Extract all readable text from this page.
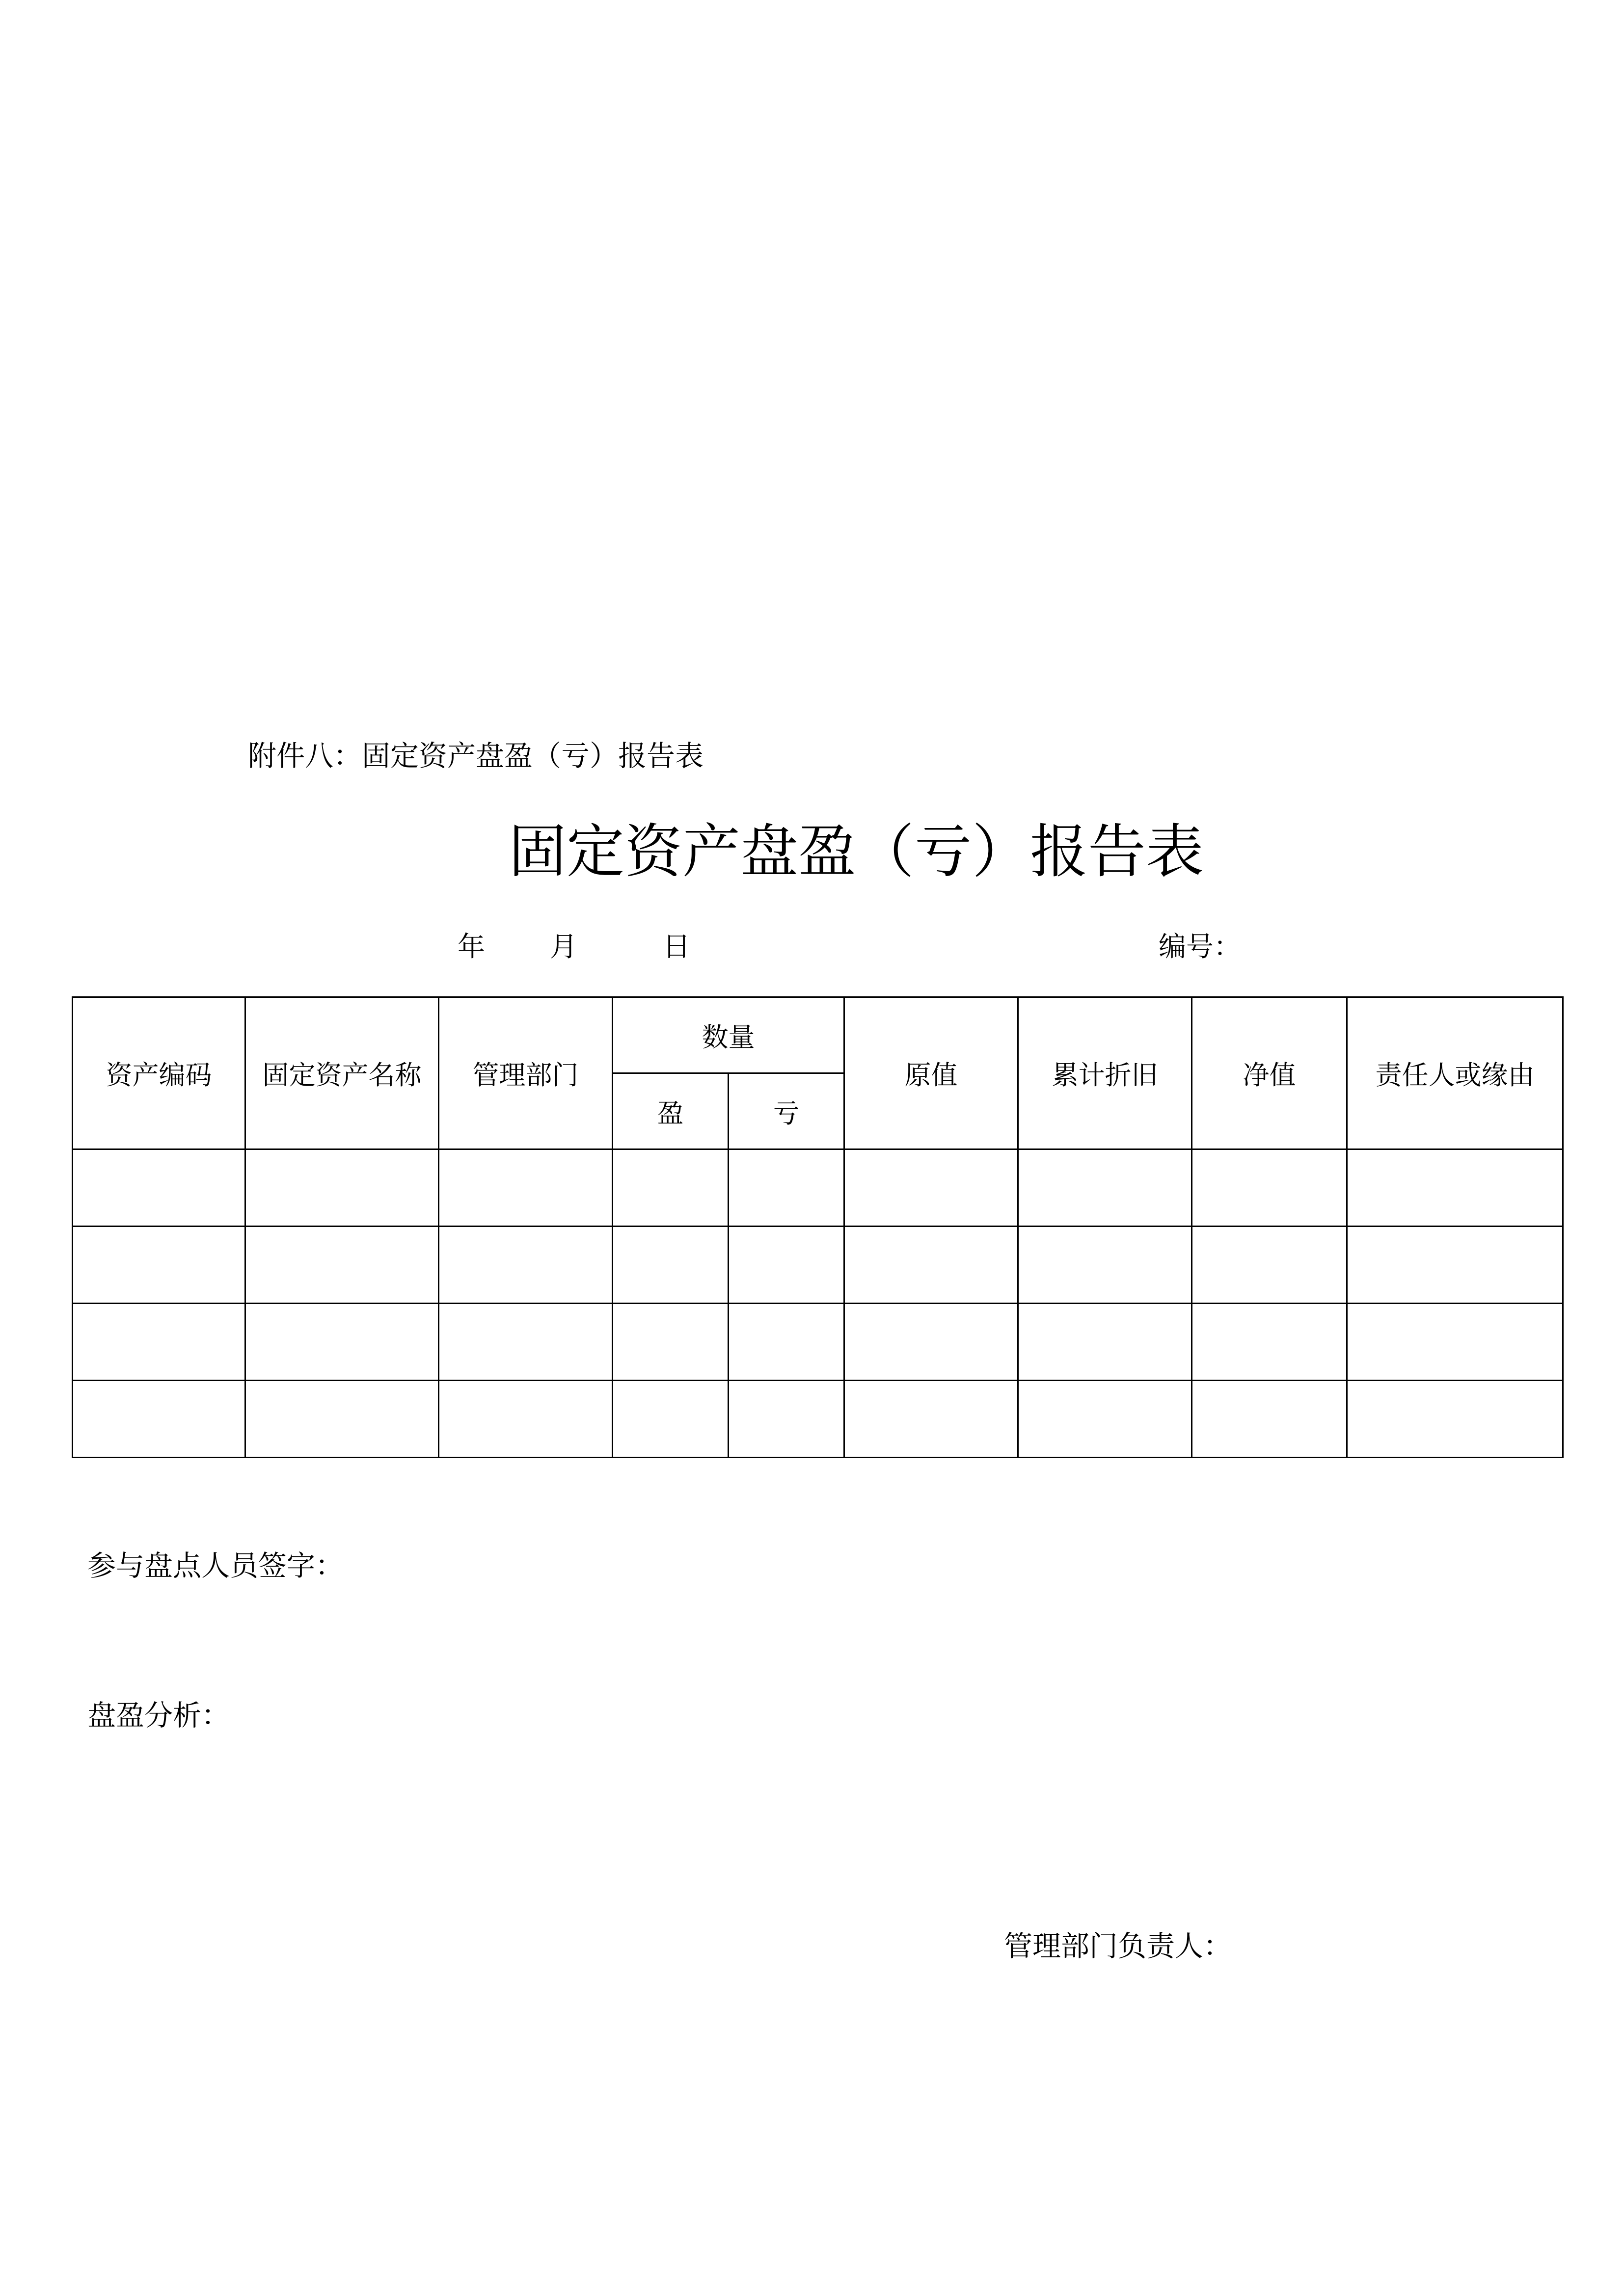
附件八：固定资产盘盈（亏）报告表
固定资产盘盈（亏）报告表
年 月	日	编号：
资产编码	固定资产名称	管理部门	数量		原值	累计折旧	净值	责任人或缘由
			盈	亏				

参与盘点人员签字：
盘盈分析：
管理部门负责人：
